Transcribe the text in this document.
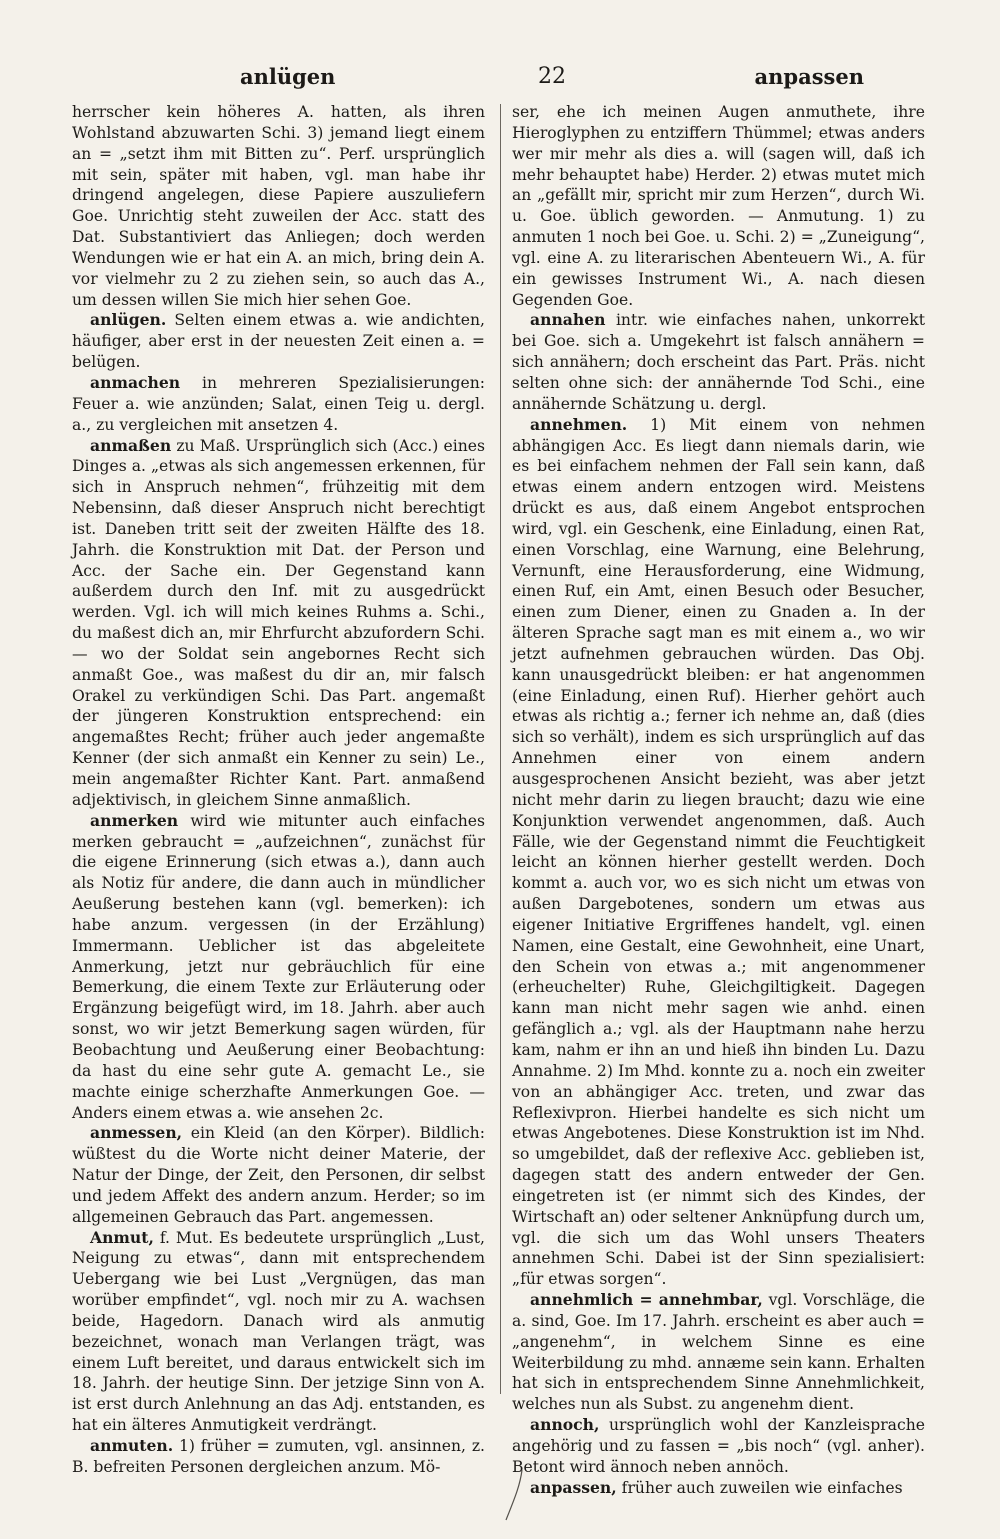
anlügen	22	anpassen

herrscher kein höheres A. hatten, als ihren Wohlstand abzuwarten Schi. 3) jemand liegt einem an = „setzt ihm mit Bitten zu“. Perf. ursprünglich mit sein, später mit haben, vgl. man habe ihr dringend angelegen, diese Papiere auszuliefern Goe. Unrichtig steht zuweilen der Acc. statt des Dat. Substantiviert das Anliegen; doch werden Wendungen wie er hat ein A. an mich, bring dein A. vor vielmehr zu 2 zu ziehen sein, so auch das A., um dessen willen Sie mich hier sehen Goe.

anlügen. Selten einem etwas a. wie andichten, häufiger, aber erst in der neuesten Zeit einen a. = belügen.

anmachen in mehreren Spezialisierungen: Feuer a. wie anzünden; Salat, einen Teig u. dergl. a., zu vergleichen mit ansetzen 4.

anmaßen zu Maß. Ursprünglich sich (Acc.) eines Dinges a. „etwas als sich angemessen erkennen, für sich in Anspruch nehmen“, frühzeitig mit dem Nebensinn, daß dieser Anspruch nicht berechtigt ist. Daneben tritt seit der zweiten Hälfte des 18. Jahrh. die Konstruktion mit Dat. der Person und Acc. der Sache ein. Der Gegenstand kann außerdem durch den Inf. mit zu ausgedrückt werden. Vgl. ich will mich keines Ruhms a. Schi., du maßest dich an, mir Ehrfurcht abzufordern Schi. — wo der Soldat sein angebornes Recht sich anmaßt Goe., was maßest du dir an, mir falsch Orakel zu verkündigen Schi. Das Part. angemaßt der jüngeren Konstruktion entsprechend: ein angemaßtes Recht; früher auch jeder angemaßte Kenner (der sich anmaßt ein Kenner zu sein) Le., mein angemaßter Richter Kant. Part. anmaßend adjektivisch, in gleichem Sinne anmaßlich.

anmerken wird wie mitunter auch einfaches merken gebraucht = „aufzeichnen“, zunächst für die eigene Erinnerung (sich etwas a.), dann auch als Notiz für andere, die dann auch in mündlicher Aeußerung bestehen kann (vgl. bemerken): ich habe anzum. vergessen (in der Erzählung) Immermann. Ueblicher ist das abgeleitete Anmerkung, jetzt nur gebräuchlich für eine Bemerkung, die einem Texte zur Erläuterung oder Ergänzung beigefügt wird, im 18. Jahrh. aber auch sonst, wo wir jetzt Bemerkung sagen würden, für Beobachtung und Aeußerung einer Beobachtung: da hast du eine sehr gute A. gemacht Le., sie machte einige scherzhafte Anmerkungen Goe. — Anders einem etwas a. wie ansehen 2c.

anmessen, ein Kleid (an den Körper). Bildlich: wüßtest du die Worte nicht deiner Materie, der Natur der Dinge, der Zeit, den Personen, dir selbst und jedem Affekt des andern anzum. Herder; so im allgemeinen Gebrauch das Part. angemessen.

Anmut, f. Mut. Es bedeutete ursprünglich „Lust, Neigung zu etwas“, dann mit entsprechendem Uebergang wie bei Lust „Vergnügen, das man worüber empfindet“, vgl. noch mir zu A. wachsen beide, Hagedorn. Danach wird als anmutig bezeichnet, wonach man Verlangen trägt, was einem Luft bereitet, und daraus entwickelt sich im 18. Jahrh. der heutige Sinn. Der jetzige Sinn von A. ist erst durch Anlehnung an das Adj. entstanden, es hat ein älteres Anmutigkeit verdrängt.

anmuten. 1) früher = zumuten, vgl. ansinnen, z. B. befreiten Personen dergleichen anzum. Mö-

ser, ehe ich meinen Augen anmuthete, ihre Hieroglyphen zu entziffern Thümmel; etwas anders wer mir mehr als dies a. will (sagen will, daß ich mehr behauptet habe) Herder. 2) etwas mutet mich an „gefällt mir, spricht mir zum Herzen“, durch Wi. u. Goe. üblich geworden. — Anmutung. 1) zu anmuten 1 noch bei Goe. u. Schi. 2) = „Zuneigung“, vgl. eine A. zu literarischen Abenteuern Wi., A. für ein gewisses Instrument Wi., A. nach diesen Gegenden Goe.

annahen intr. wie einfaches nahen, unkorrekt bei Goe. sich a. Umgekehrt ist falsch annähern = sich annähern; doch erscheint das Part. Präs. nicht selten ohne sich: der annähernde Tod Schi., eine annähernde Schätzung u. dergl.

annehmen. 1) Mit einem von nehmen abhängigen Acc. Es liegt dann niemals darin, wie es bei einfachem nehmen der Fall sein kann, daß etwas einem andern entzogen wird. Meistens drückt es aus, daß einem Angebot entsprochen wird, vgl. ein Geschenk, eine Einladung, einen Rat, einen Vorschlag, eine Warnung, eine Belehrung, Vernunft, eine Herausforderung, eine Widmung, einen Ruf, ein Amt, einen Besuch oder Besucher, einen zum Diener, einen zu Gnaden a. In der älteren Sprache sagt man es mit einem a., wo wir jetzt aufnehmen gebrauchen würden. Das Obj. kann unausgedrückt bleiben: er hat angenommen (eine Einladung, einen Ruf). Hierher gehört auch etwas als richtig a.; ferner ich nehme an, daß (dies sich so verhält), indem es sich ursprünglich auf das Annehmen einer von einem andern ausgesprochenen Ansicht bezieht, was aber jetzt nicht mehr darin zu liegen braucht; dazu wie eine Konjunktion verwendet angenommen, daß. Auch Fälle, wie der Gegenstand nimmt die Feuchtigkeit leicht an können hierher gestellt werden. Doch kommt a. auch vor, wo es sich nicht um etwas von außen Dargebotenes, sondern um etwas aus eigener Initiative Ergriffenes handelt, vgl. einen Namen, eine Gestalt, eine Gewohnheit, eine Unart, den Schein von etwas a.; mit angenommener (erheuchelter) Ruhe, Gleichgiltigkeit. Dagegen kann man nicht mehr sagen wie anhd. einen gefänglich a.; vgl. als der Hauptmann nahe herzu kam, nahm er ihn an und hieß ihn binden Lu. Dazu Annahme. 2) Im Mhd. konnte zu a. noch ein zweiter von an abhängiger Acc. treten, und zwar das Reflexivpron. Hierbei handelte es sich nicht um etwas Angebotenes. Diese Konstruktion ist im Nhd. so umgebildet, daß der reflexive Acc. geblieben ist, dagegen statt des andern entweder der Gen. eingetreten ist (er nimmt sich des Kindes, der Wirtschaft an) oder seltener Anknüpfung durch um, vgl. die sich um das Wohl unsers Theaters annehmen Schi. Dabei ist der Sinn spezialisiert: „für etwas sorgen“.

annehmlich = annehmbar, vgl. Vorschläge, die a. sind, Goe. Im 17. Jahrh. erscheint es aber auch = „angenehm“, in welchem Sinne es eine Weiterbildung zu mhd. annæme sein kann. Erhalten hat sich in entsprechendem Sinne Annehmlichkeit, welches nun als Subst. zu angenehm dient.

annoch, ursprünglich wohl der Kanzleisprache angehörig und zu fassen = „bis noch“ (vgl. anher). Betont wird ännoch neben annöch.

anpassen, früher auch zuweilen wie einfaches
